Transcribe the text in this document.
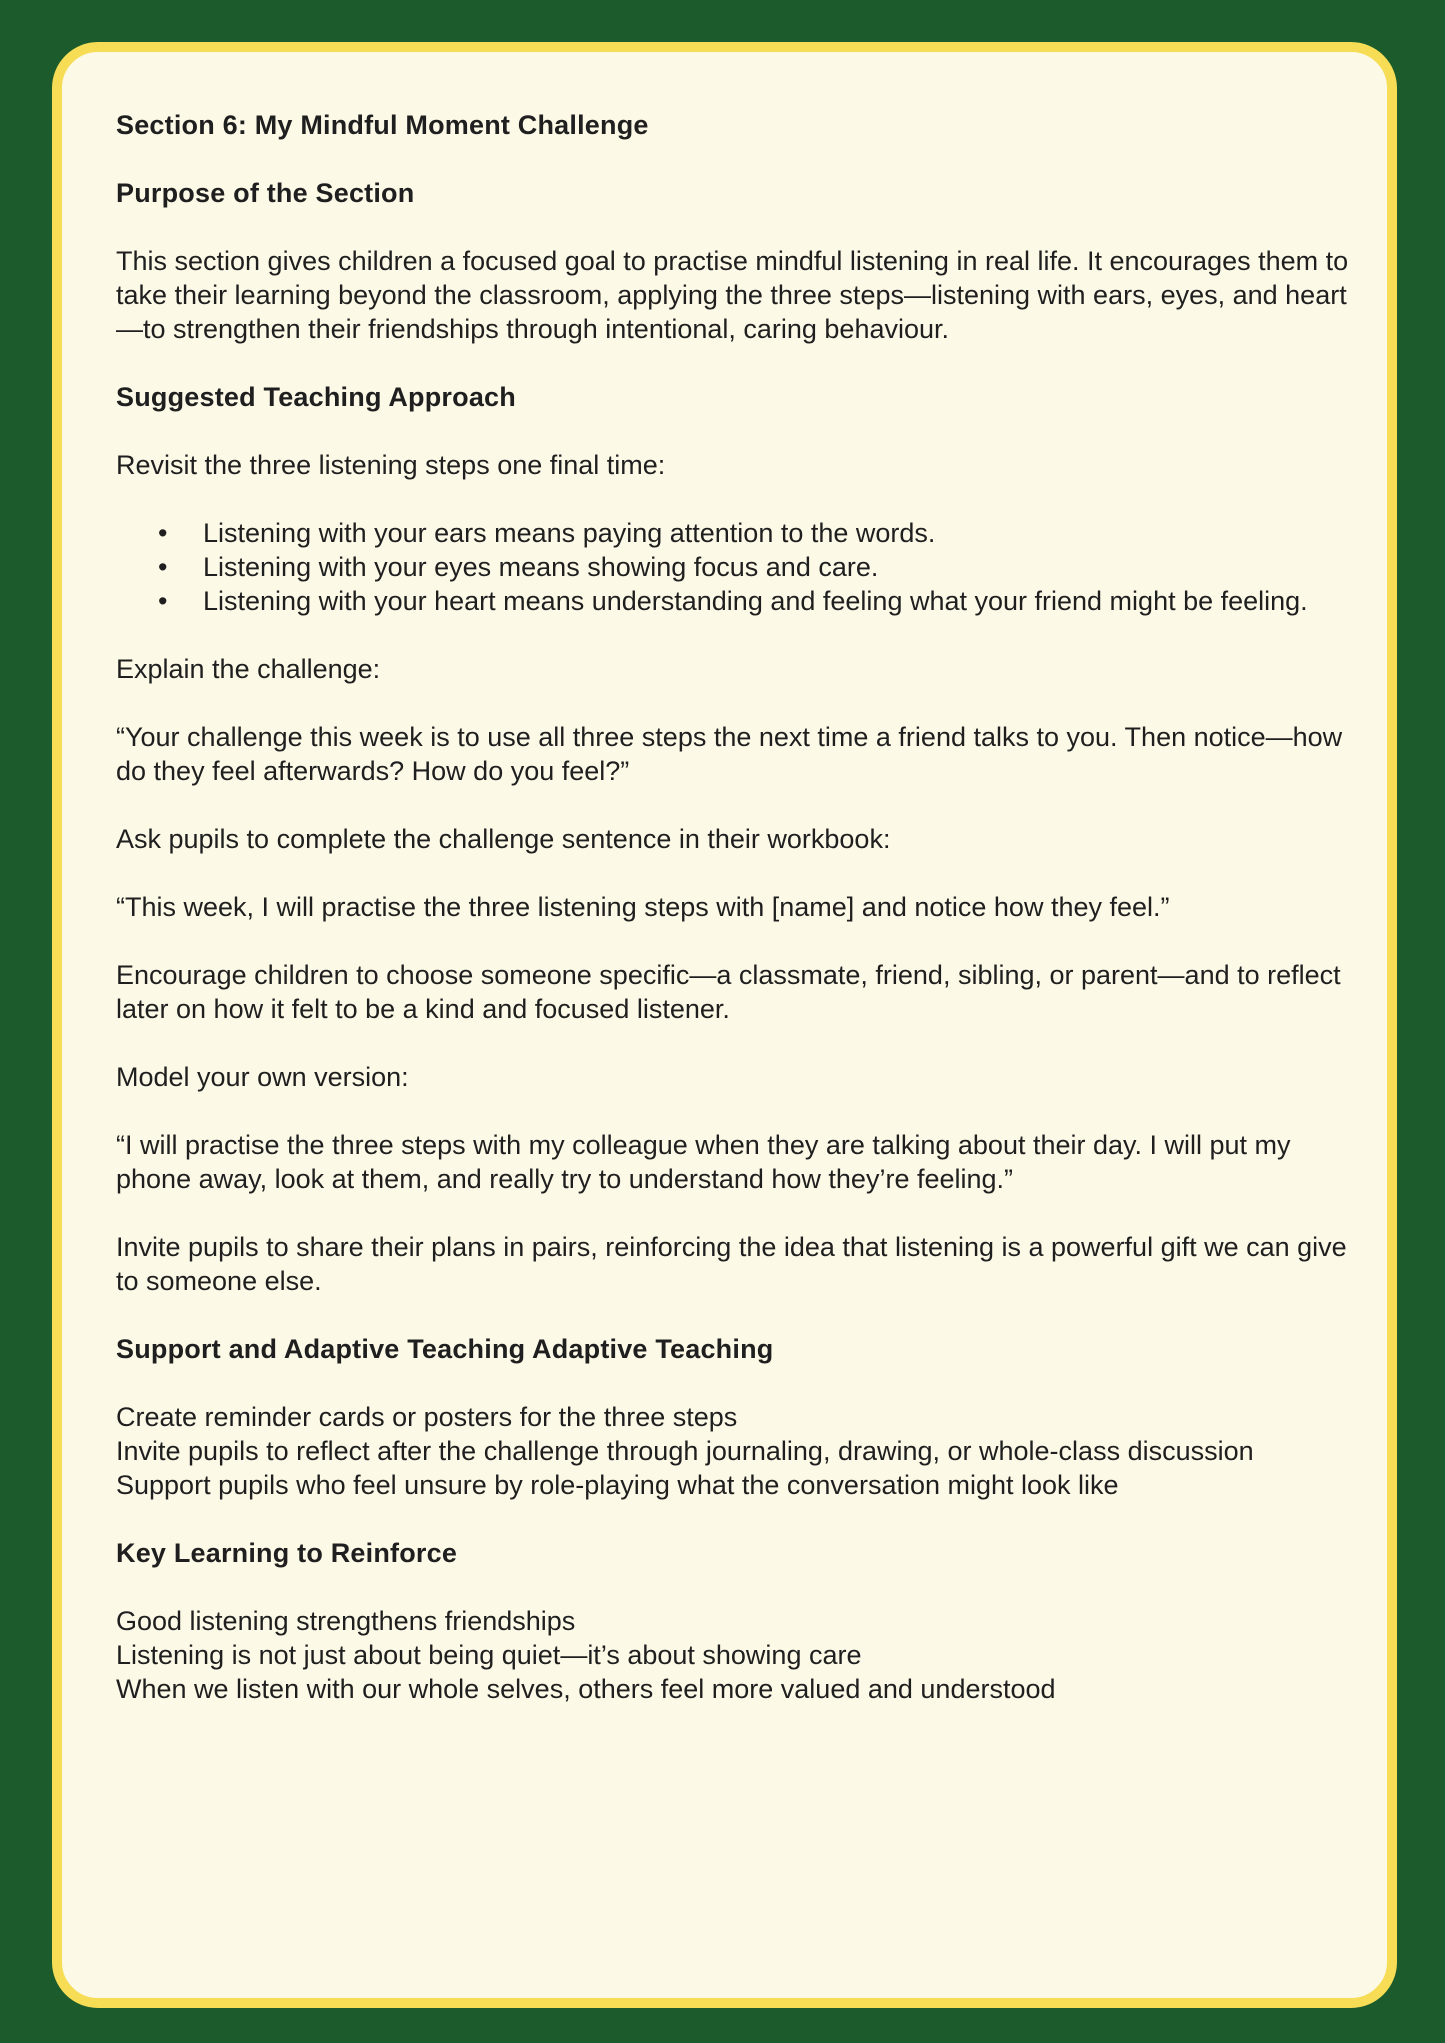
Section 6: My Mindful Moment Challenge
Purpose of the Section

This section gives children a focused goal to practise mindful listening in real life. It encourages them to take their learning beyond the classroom, applying the three steps—listening with ears, eyes, and heart—to strengthen their friendships through intentional, caring behaviour.

Suggested Teaching Approach

Revisit the three listening steps one final time:

• Listening with your ears means paying attention to the words.
• Listening with your eyes means showing focus and care.
• Listening with your heart means understanding and feeling what your friend might be feeling.

Explain the challenge:

“Your challenge this week is to use all three steps the next time a friend talks to you. Then notice—how do they feel afterwards? How do you feel?”

Ask pupils to complete the challenge sentence in their workbook:

“This week, I will practise the three listening steps with [name] and notice how they feel.”

Encourage children to choose someone specific—a classmate, friend, sibling, or parent—and to reflect later on how it felt to be a kind and focused listener.

Model your own version:

“I will practise the three steps with my colleague when they are talking about their day. I will put my phone away, look at them, and really try to understand how they’re feeling.”

Invite pupils to share their plans in pairs, reinforcing the idea that listening is a powerful gift we can give to someone else.

Support and Adaptive Teaching Adaptive Teaching
Create reminder cards or posters for the three steps
Invite pupils to reflect after the challenge through journaling, drawing, or whole-class discussion
Support pupils who feel unsure by role-playing what the conversation might look like
Key Learning to Reinforce
Good listening strengthens friendships
Listening is not just about being quiet—it’s about showing care
When we listen with our whole selves, others feel more valued and understood
